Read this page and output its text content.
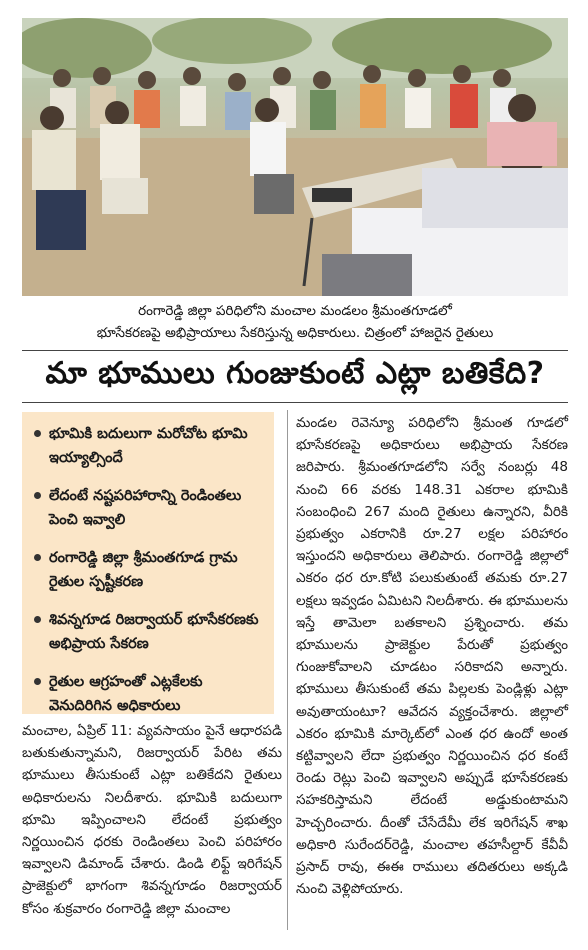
రంగారెడ్డి జిల్లా పరిధిలోని మంచాల మండలం శ్రీమంతగూడలో
భూసేకరణపై అభిప్రాయాలు సేకరిస్తున్న అధికారులు. చిత్రంలో హాజరైన రైతులు
మా భూములు గుంజుకుంటే ఎట్లా బతికేది?
భూమికి బదులుగా మరోచోట భూమి ఇయ్యాల్సిందే
లేదంటే నష్టపరిహారాన్ని రెండింతలు పెంచి ఇవ్వాలి
రంగారెడ్డి జిల్లా శ్రీమంతగూడ గ్రామ రైతుల స్పష్టీకరణ
శివన్నగూడ రిజర్వాయర్ భూసేకరణకు అభిప్రాయ సేకరణ
రైతుల ఆగ్రహంతో ఎట్లకేలకు వెనుదిరిగిన అధికారులు

మంచాల, ఏప్రిల్ 11: వ్యవసాయం పైనే ఆధారపడి బతుకుతున్నామని, రిజర్వాయర్ పేరిట తమ భూములు తీసుకుంటే ఎట్లా బతికేదని రైతులు అధికారులను నిలదీశారు. భూమికి బదులుగా భూమి ఇప్పించాలని లేదంటే ప్రభుత్వం నిర్ణయించిన ధరకు రెండింతలు పెంచి పరిహారం ఇవ్వాలని డిమాండ్ చేశారు. డిండి లిఫ్ట్ ఇరిగేషన్ ప్రాజెక్టులో భాగంగా శివన్నగూడం రిజర్వాయర్ కోసం శుక్రవారం రంగారెడ్డి జిల్లా మంచాల

మండల రెవెన్యూ పరిధిలోని శ్రీమంత గూడలో భూసేకరణపై అధికారులు అభిప్రాయ సేకరణ జరిపారు. శ్రీమంతగూడలోని సర్వే నంబర్లు 48 నుంచి 66 వరకు 148.31 ఎకరాల భూమికి సంబంధించి 267 మంది రైతులు ఉన్నారని, వీరికి ప్రభుత్వం ఎకరానికి రూ.27 లక్షల పరిహారం ఇస్తుందని అధికారులు తెలిపారు. రంగారెడ్డి జిల్లాలో ఎకరం ధర రూ.కోటి పలుకుతుంటే తమకు రూ.27 లక్షలు ఇవ్వడం ఏమిటని నిలదీశారు. ఈ భూములను ఇస్తే తామెలా బతకాలని ప్రశ్నించారు. తమ భూములను ప్రాజెక్టుల పేరుతో ప్రభుత్వం గుంజుకోవాలని చూడటం సరికాదని అన్నారు. భూములు తీసుకుంటే తమ పిల్లలకు పెండ్లిళ్లు ఎట్లా అవుతాయంటూ? ఆవేదన వ్యక్తంచేశారు. జిల్లాలో ఎకరం భూమికి మార్కెట్‌లో ఎంత ధర ఉందో అంత కట్టివ్వాలని లేదా ప్రభుత్వం నిర్ణయించిన ధర కంటే రెండు రెట్లు పెంచి ఇవ్వాలని అప్పుడే భూసేకరణకు సహకరిస్తామని లేదంటే అడ్డుకుంటామని హెచ్చరించారు. దీంతో చేసేదేమీ లేక ఇరిగేషన్ శాఖ అధికారి సురేందర్‌రెడ్డి, మంచాల తహసీల్దార్ కేవీవీ ప్రసాద్ రావు, ఈఈ రాములు తదితరులు అక్కడి నుంచి వెళ్లిపోయారు.
